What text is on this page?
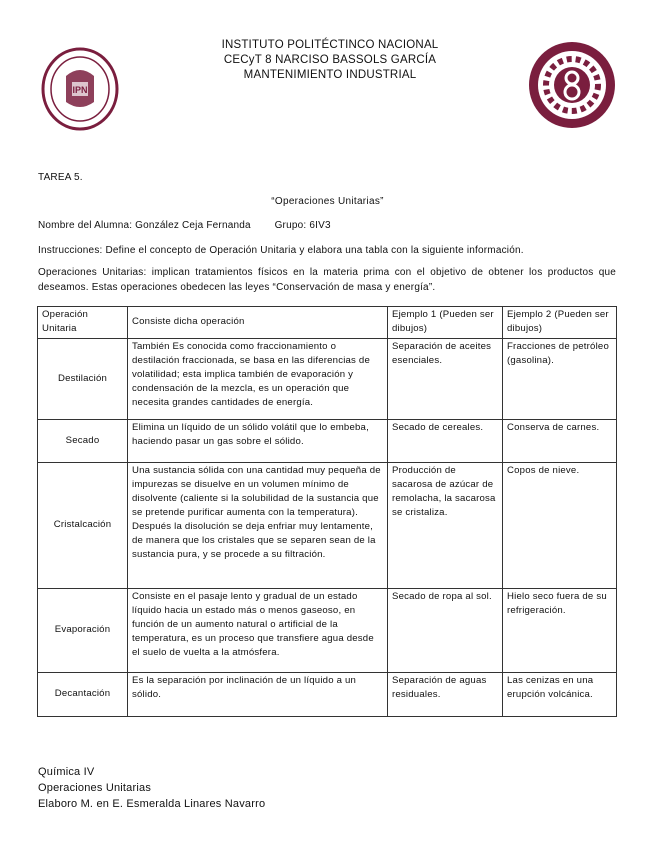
IPN
INSTITUTO POLITÉCTINCO NACIONAL
CECyT 8 NARCISO BASSOLS GARCÍA
MANTENIMIENTO INDUSTRIAL
TAREA 5.
“Operaciones Unitarias”
Nombre del Alumna: González Ceja Fernanda        Grupo: 6IV3
Instrucciones: Define el concepto de Operación Unitaria y elabora una tabla con la siguiente información.
Operaciones Unitarias: implican tratamientos físicos en la materia prima con el objetivo de obtener los productos que deseamos. Estas operaciones obedecen las leyes “Conservación de masa y energía”.
Operación Unitaria	Consiste dicha operación	Ejemplo 1 (Pueden ser dibujos)	Ejemplo 2 (Pueden ser dibujos)
Destilación	También Es conocida como fraccionamiento o destilación fraccionada, se basa en las diferencias de volatilidad; esta implica también de evaporación y condensación de la mezcla, es un operación que necesita grandes cantidades de energía.	Separación de aceites esenciales.	Fracciones de petróleo (gasolina).
Secado	Elimina un líquido de un sólido volátil que lo embeba, haciendo pasar un gas sobre el sólido.	Secado de cereales.	Conserva de carnes.
Cristalcación	Una sustancia sólida con una cantidad muy pequeña de impurezas se disuelve en un volumen mínimo de disolvente (caliente si la solubilidad de la sustancia que se pretende purificar aumenta con la temperatura). Después la disolución se deja enfriar muy lentamente, de manera que los cristales que se separen sean de la sustancia pura, y se procede a su filtración.	Producción de sacarosa de azúcar de remolacha, la sacarosa se cristaliza.	Copos de nieve.
Evaporación	Consiste en el pasaje lento y gradual de un estado líquido hacia un estado más o menos gaseoso, en función de un aumento natural o artificial de la temperatura, es un proceso que transfiere agua desde el suelo de vuelta a la atmósfera.	Secado de ropa al sol.	Hielo seco fuera de su refrigeración.
Decantación	Es la separación por inclinación de un líquido a un sólido.	Separación de aguas residuales.	Las cenizas en una erupción volcánica.
Química IV
Operaciones Unitarias
Elaboro M. en E. Esmeralda Linares Navarro
